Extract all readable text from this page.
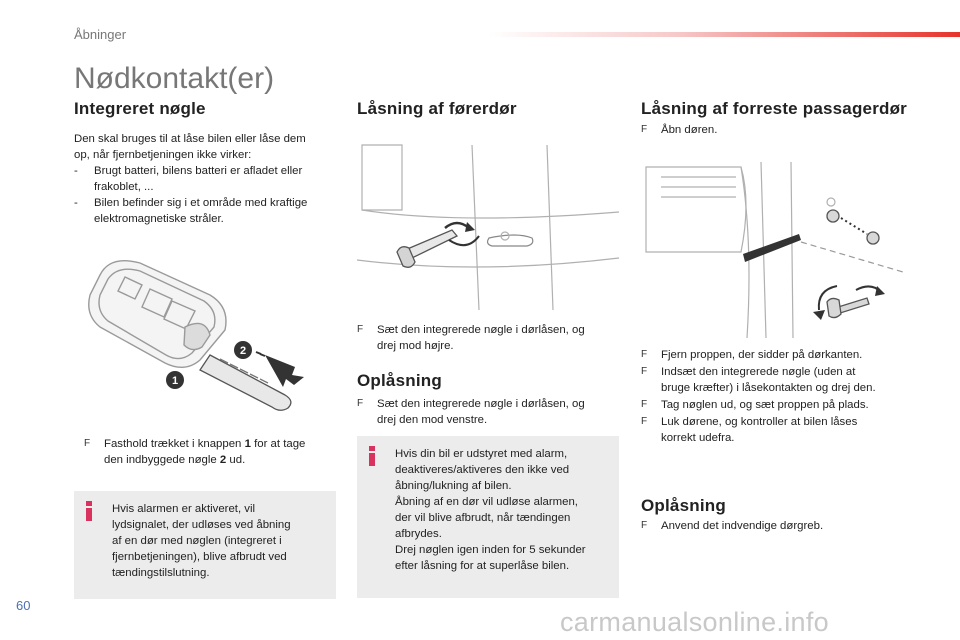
Åbninger
Nødkontakt(er)
Integreret nøgle
Den skal bruges til at låse bilen eller låse dem
op, når fjernbetjeningen ikke virker:
-	Brugt batteri, bilens batteri er afladet eller
frakoblet, ...
-	Bilen befinder sig i et område med kraftige
elektromagnetiske stråler.
1
2
F	Fasthold trækket i knappen 1 for at tage
den indbyggede nøgle 2 ud.
Hvis alarmen er aktiveret, vil
lydsignalet, der udløses ved åbning
af en dør med nøglen (integreret i
fjernbetjeningen), blive afbrudt ved
tændingstilslutning.
Låsning af førerdør
F	Sæt den integrerede nøgle i dørlåsen, og
drej mod højre.
Oplåsning
F	Sæt den integrerede nøgle i dørlåsen, og
drej den mod venstre.
Hvis din bil er udstyret med alarm,
deaktiveres/aktiveres den ikke ved
åbning/lukning af bilen.
Åbning af en dør vil udløse alarmen,
der vil blive afbrudt, når tændingen
afbrydes.
Drej nøglen igen inden for 5 sekunder
efter låsning for at superlåse bilen.
Låsning af forreste passagerdør
F	Åbn døren.
F	Fjern proppen, der sidder på dørkanten.
F	Indsæt den integrerede nøgle (uden at
bruge kræfter) i låsekontakten og drej den.
F	Tag nøglen ud, og sæt proppen på plads.
F	Luk dørene, og kontroller at bilen låses
korrekt udefra.
Oplåsning
F	Anvend det indvendige dørgreb.
60
carmanualsonline.info
